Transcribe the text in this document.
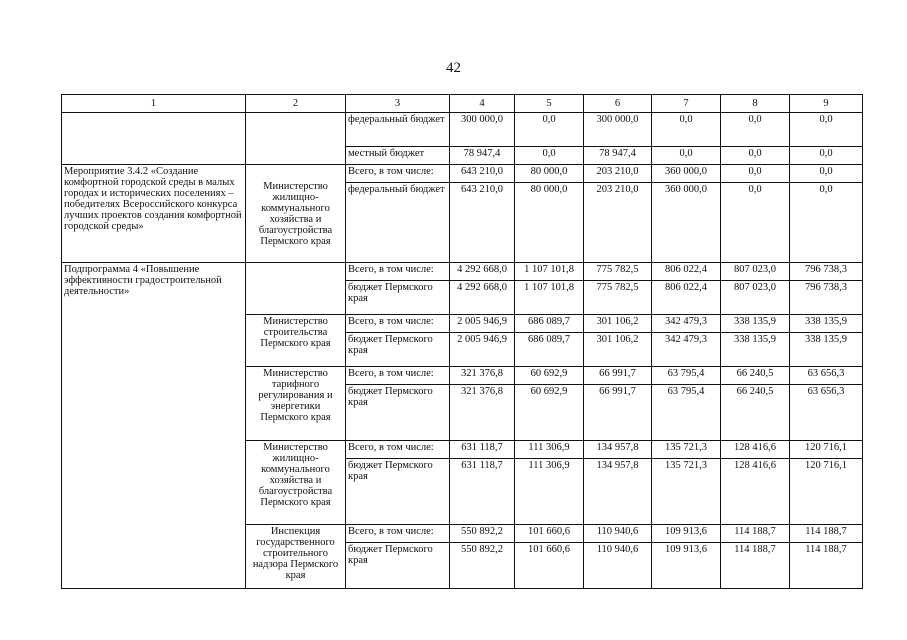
42
1	2	3	4	5	6	7	8	9
		федеральный бюджет	300 000,0	0,0	300 000,0	0,0	0,0	0,0
		местный бюджет	78 947,4	0,0	78 947,4	0,0	0,0	0,0
Мероприятие 3.4.2 «Создание комфортной городской среды в малых городах и исторических поселениях – победителях Всероссийского конкурса лучших проектов создания комфортной городской среды»	Министерство жилищно-коммунального хозяйства и благоустройства Пермского края	Всего, в том числе:	643 210,0	80 000,0	203 210,0	360 000,0	0,0	0,0
		федеральный бюджет	643 210,0	80 000,0	203 210,0	360 000,0	0,0	0,0
Подпрограмма 4 «Повышение эффективности градостроительной деятельности»		Всего, в том числе:	4 292 668,0	1 107 101,8	775 782,5	806 022,4	807 023,0	796 738,3
		бюджет Пермского края	4 292 668,0	1 107 101,8	775 782,5	806 022,4	807 023,0	796 738,3
	Министерство строительства Пермского края	Всего, в том числе:	2 005 946,9	686 089,7	301 106,2	342 479,3	338 135,9	338 135,9
		бюджет Пермского края	2 005 946,9	686 089,7	301 106,2	342 479,3	338 135,9	338 135,9
	Министерство тарифного регулирования и энергетики Пермского края	Всего, в том числе:	321 376,8	60 692,9	66 991,7	63 795,4	66 240,5	63 656,3
		бюджет Пермского края	321 376,8	60 692,9	66 991,7	63 795,4	66 240,5	63 656,3
	Министерство жилищно-коммунального хозяйства и благоустройства Пермского края	Всего, в том числе:	631 118,7	111 306,9	134 957,8	135 721,3	128 416,6	120 716,1
		бюджет Пермского края	631 118,7	111 306,9	134 957,8	135 721,3	128 416,6	120 716,1
	Инспекция государственного строительного надзора Пермского края	Всего, в том числе:	550 892,2	101 660,6	110 940,6	109 913,6	114 188,7	114 188,7
		бюджет Пермского края	550 892,2	101 660,6	110 940,6	109 913,6	114 188,7	114 188,7
